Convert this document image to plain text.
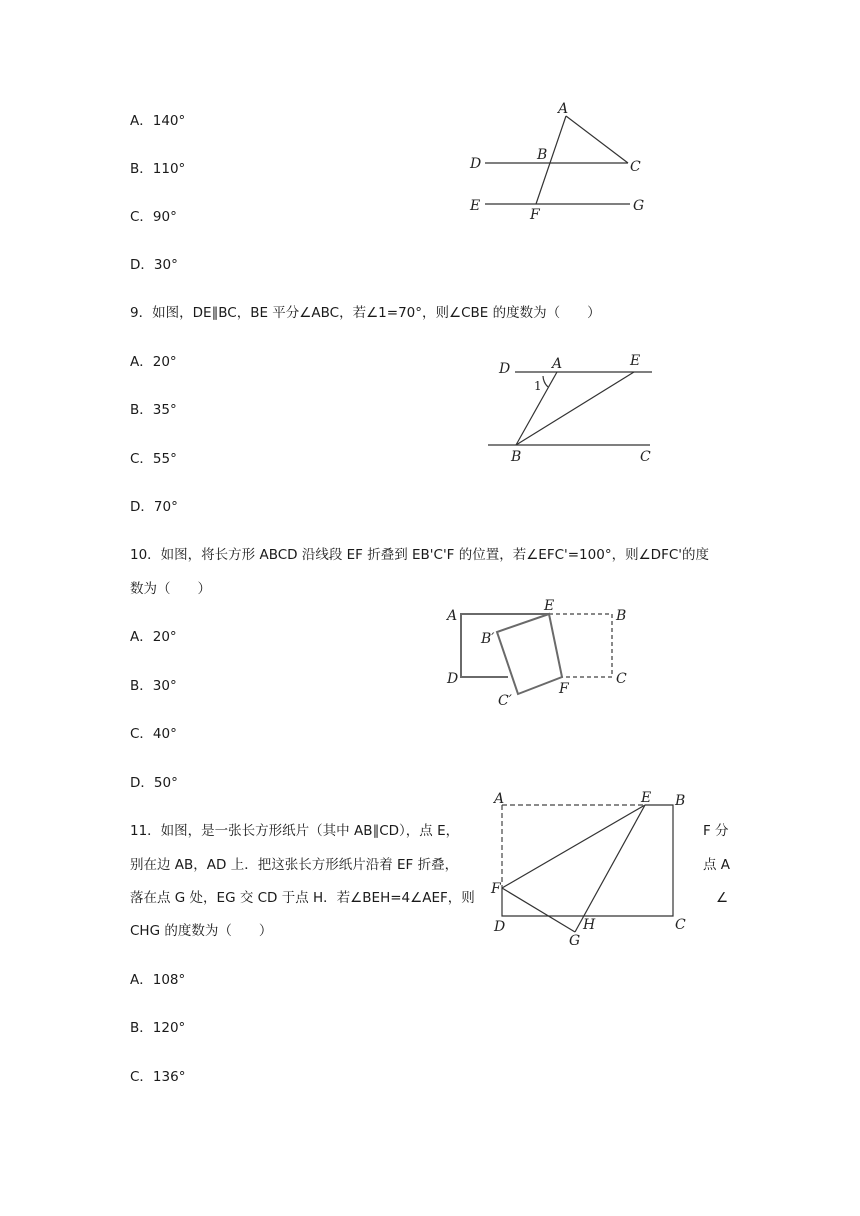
A．140°
B．110°
C．90°
D．30°
A
B
C
D
E
F
G
9．如图，DE∥BC，BE 平分∠ABC，若∠1=70°，则∠CBE 的度数为（　　）
A．20°
B．35°
C．55°
D．70°
D	A	E
1
B	C
10．如图，将长方形 ABCD 沿线段 EF 折叠到 EB'C'F 的位置，若∠EFC'=100°，则∠DFC'的度
数为（　　）
A．20°
B．30°
C．40°
D．50°
A
E
B
B′
D	C
C′
F
11．如图，是一张长方形纸片（其中 AB∥CD），点 E，	F 分
别在边 AB，AD 上．把这张长方形纸片沿着 EF 折叠，	点 A
落在点 G 处，EG 交 CD 于点 H．若∠BEH=4∠AEF，则	∠
CHG 的度数为（　　）
A．108°
B．120°
C．136°
A	E B
F
D	H	C
G
